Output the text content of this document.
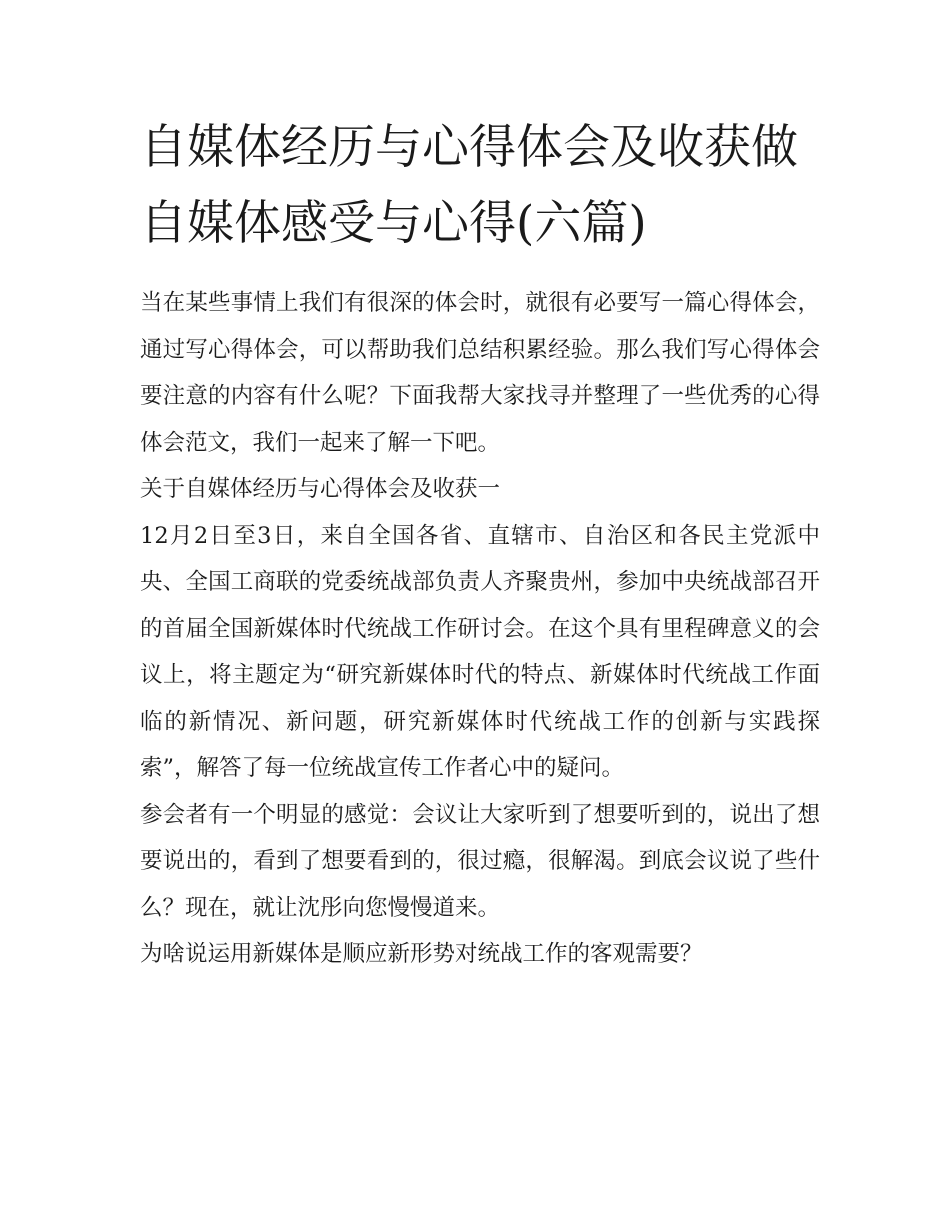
自媒体经历与心得体会及收获做自媒体感受与心得(六篇)

当在某些事情上我们有很深的体会时，就很有必要写一篇心得体会，通过写心得体会，可以帮助我们总结积累经验。那么我们写心得体会要注意的内容有什么呢？下面我帮大家找寻并整理了一些优秀的心得体会范文，我们一起来了解一下吧。

关于自媒体经历与心得体会及收获一

12月2日至3日，来自全国各省、直辖市、自治区和各民主党派中央、全国工商联的党委统战部负责人齐聚贵州，参加中央统战部召开的首届全国新媒体时代统战工作研讨会。在这个具有里程碑意义的会议上，将主题定为“研究新媒体时代的特点、新媒体时代统战工作面临的新情况、新问题，研究新媒体时代统战工作的创新与实践探索”，解答了每一位统战宣传工作者心中的疑问。

参会者有一个明显的感觉：会议让大家听到了想要听到的，说出了想要说出的，看到了想要看到的，很过瘾，很解渴。到底会议说了些什么？现在，就让沈彤向您慢慢道来。

为啥说运用新媒体是顺应新形势对统战工作的客观需要？
